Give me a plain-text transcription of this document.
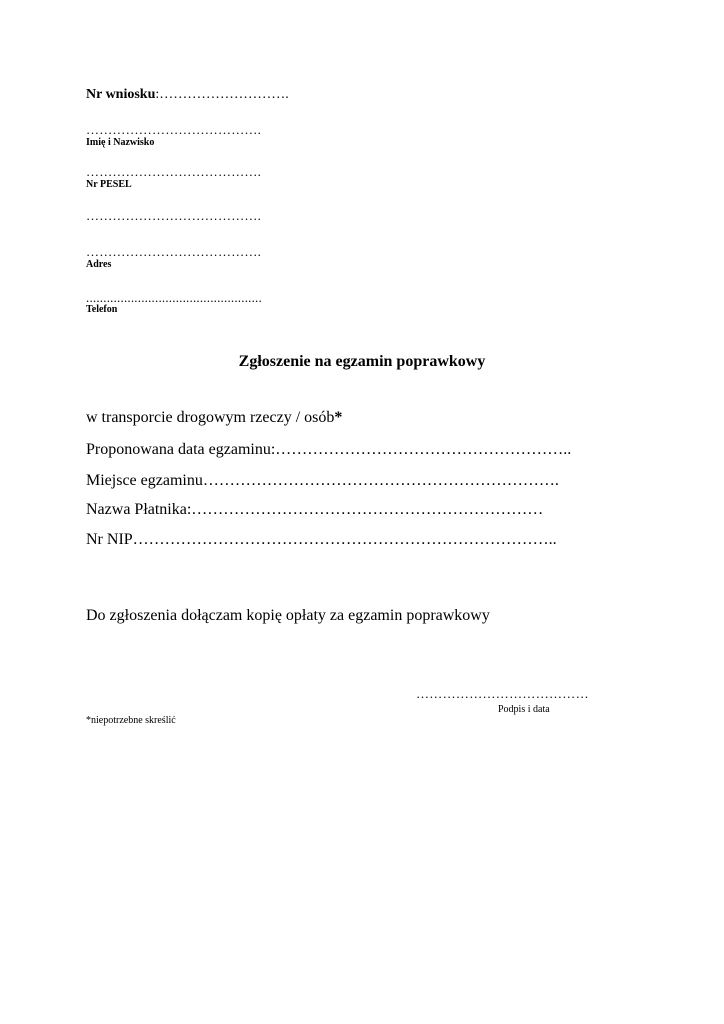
Nr wniosku:……………………….
………………………………….
Imię i Nazwisko
………………………………….
Nr PESEL
………………………………….
………………………………….
Adres
...................................................
Telefon
Zgłoszenie na egzamin poprawkowy
w transporcie drogowym rzeczy / osób*
Proponowana data egzaminu:………………………………………………..
Miejsce egzaminu………………………………………………………….
Nazwa Płatnika:…………………………………………………………
Nr NIP……………………………………………………………………..
Do zgłoszenia dołączam kopię opłaty za egzamin poprawkowy
…………………………………
Podpis i data
*niepotrzebne skreślić
